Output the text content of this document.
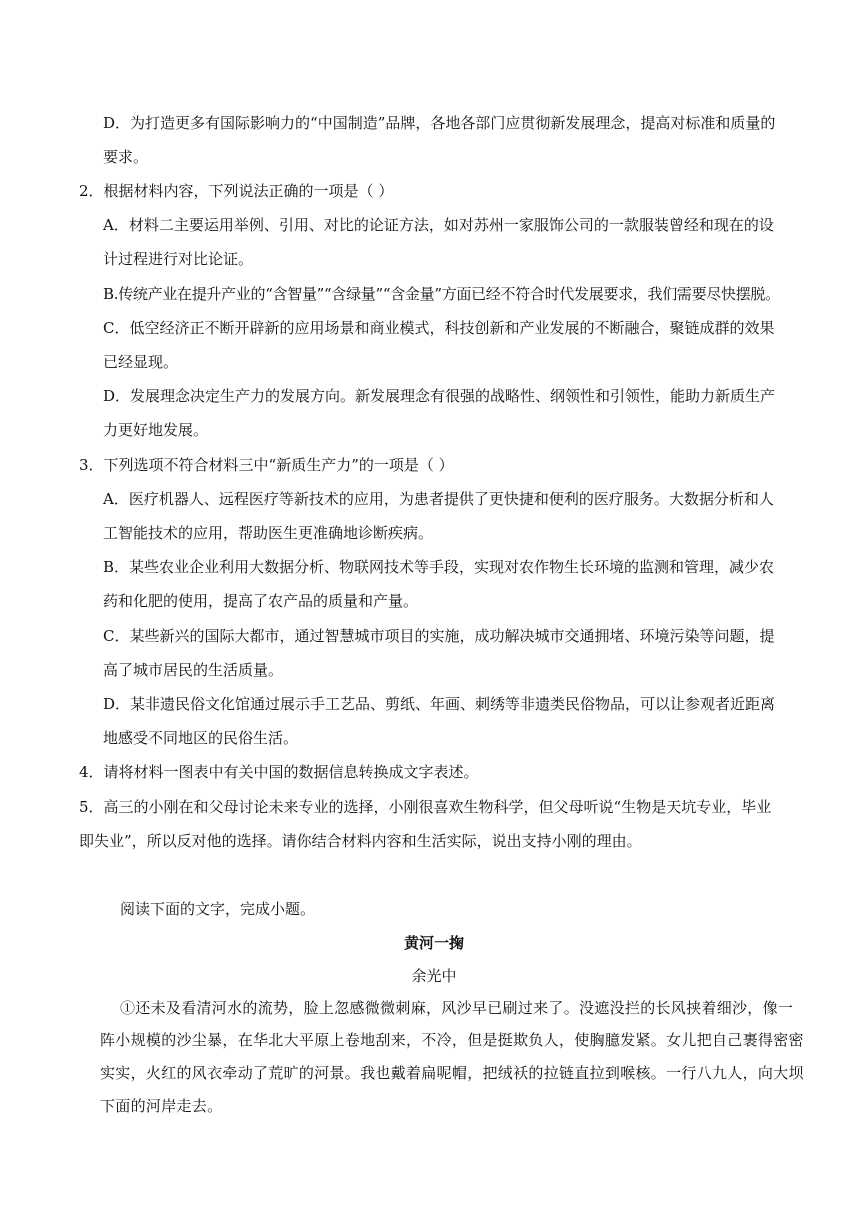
D．为打造更多有国际影响力的“中国制造”品牌，各地各部门应贯彻新发展理念，提高对标准和质量的
要求。
2．根据材料内容，下列说法正确的一项是（ ）
A．材料二主要运用举例、引用、对比的论证方法，如对苏州一家服饰公司的一款服装曾经和现在的设
计过程进行对比论证。
B.传统产业在提升产业的“含智量”“含绿量”“含金量”方面已经不符合时代发展要求，我们需要尽快摆脱。
C．低空经济正不断开辟新的应用场景和商业模式，科技创新和产业发展的不断融合，聚链成群的效果
已经显现。
D．发展理念决定生产力的发展方向。新发展理念有很强的战略性、纲领性和引领性，能助力新质生产
力更好地发展。
3．下列选项不符合材料三中“新质生产力”的一项是（ ）
A．医疗机器人、远程医疗等新技术的应用，为患者提供了更快捷和便利的医疗服务。大数据分析和人
工智能技术的应用，帮助医生更准确地诊断疾病。
B．某些农业企业利用大数据分析、物联网技术等手段，实现对农作物生长环境的监测和管理，减少农
药和化肥的使用，提高了农产品的质量和产量。
C．某些新兴的国际大都市，通过智慧城市项目的实施，成功解决城市交通拥堵、环境污染等问题，提
高了城市居民的生活质量。
D．某非遗民俗文化馆通过展示手工艺品、剪纸、年画、刺绣等非遗类民俗物品，可以让参观者近距离
地感受不同地区的民俗生活。
4．请将材料一图表中有关中国的数据信息转换成文字表述。
5．高三的小刚在和父母讨论未来专业的选择，小刚很喜欢生物科学，但父母听说“生物是天坑专业，毕业
即失业”，所以反对他的选择。请你结合材料内容和生活实际，说出支持小刚的理由。
阅读下面的文字，完成小题。
黄河一掬
余光中
①还未及看清河水的流势，脸上忽感微微刺麻，风沙早已刷过来了。没遮没拦的长风挟着细沙，像一
阵小规模的沙尘暴，在华北大平原上卷地刮来，不冷，但是挺欺负人，使胸臆发紧。女儿把自己裹得密密
实实，火红的风衣牵动了荒旷的河景。我也戴着扁呢帽，把绒袄的拉链直拉到喉核。一行八九人，向大坝
下面的河岸走去。
